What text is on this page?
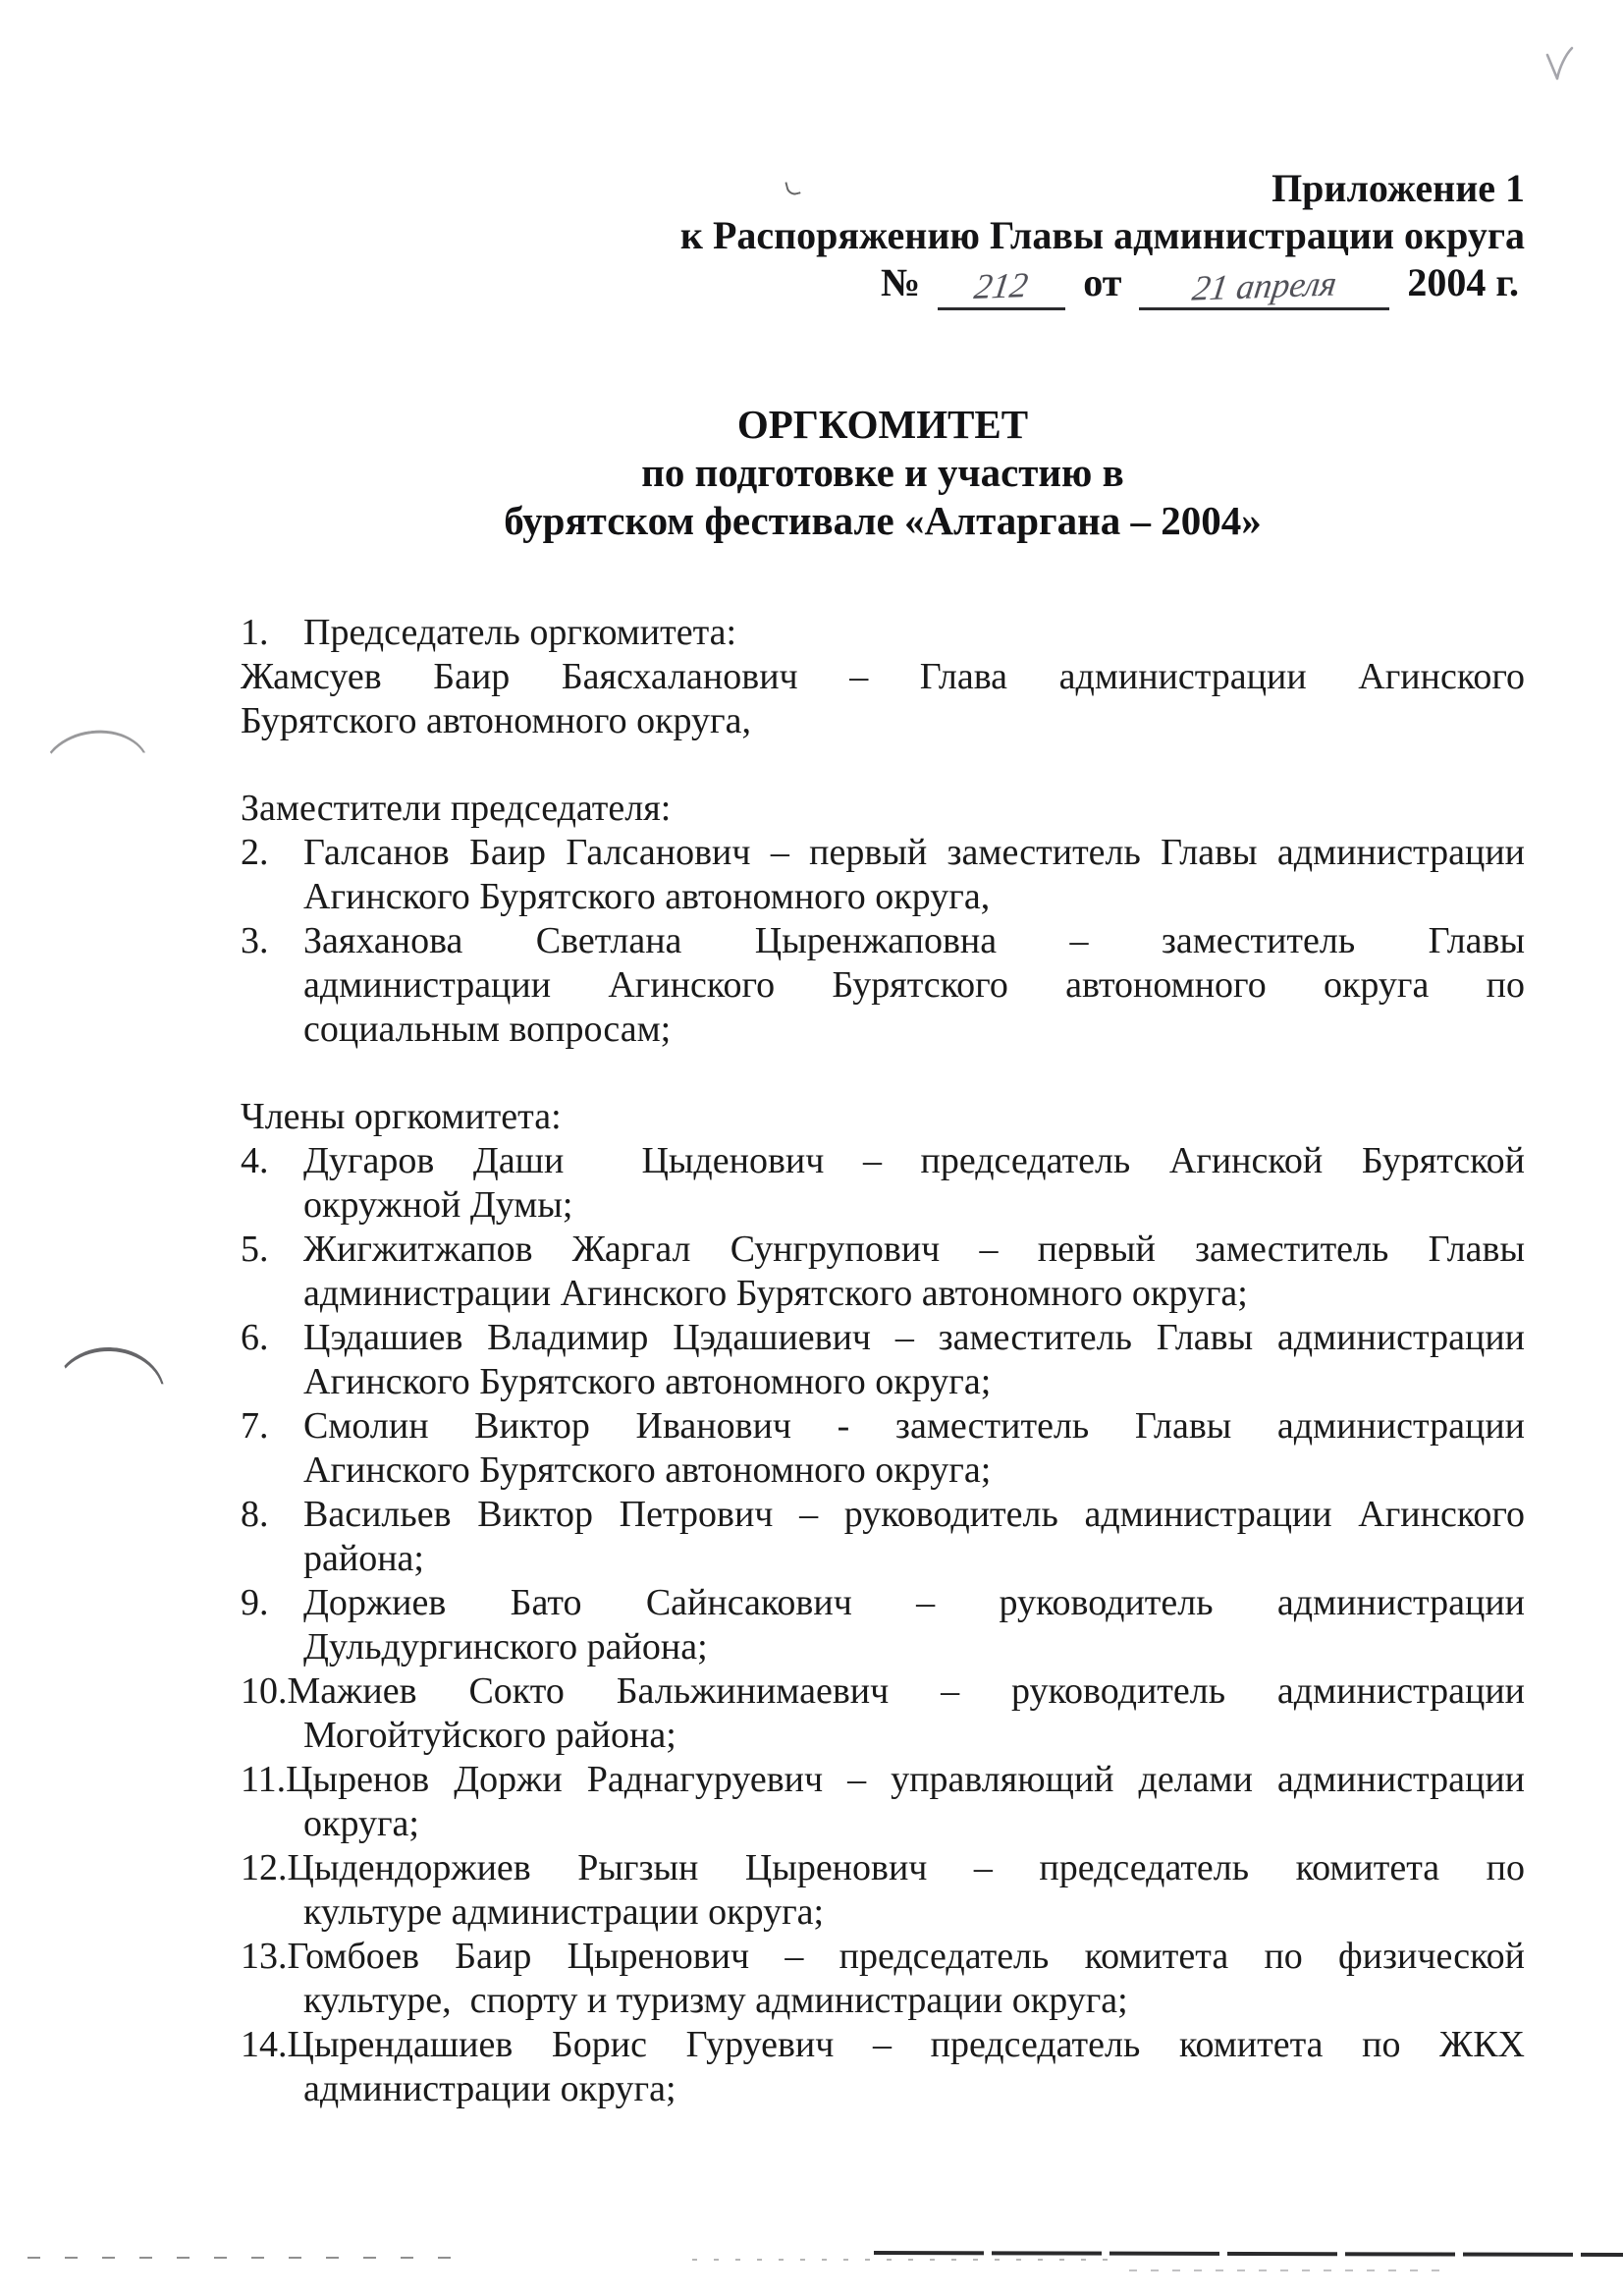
Приложение 1
к Распоряжению Главы администрации округа
№ 212 от 21 апреля 2004 г.
ОРГКОМИТЕТ
по подготовке и участию в
бурятском фестивале «Алтаргана – 2004»
1. Председатель оргкомитета:
Жамсуев Баир Баясхаланович – Глава администрации Агинского
Бурятского автономного округа,
Заместители председателя:
2. Галсанов Баир Галсанович – первый заместитель Главы администрации
Агинского Бурятского автономного округа,
3. Заяханова Светлана Цыренжаповна – заместитель Главы
администрации Агинского Бурятского автономного округа по
социальным вопросам;
Члены оргкомитета:
4. Дугаров Даши  Цыденович – председатель Агинской Бурятской
окружной Думы;
5. Жигжитжапов Жаргал Сунгрупович – первый заместитель Главы
администрации Агинского Бурятского автономного округа;
6. Цэдашиев Владимир Цэдашиевич – заместитель Главы администрации
Агинского Бурятского автономного округа;
7. Смолин Виктор Иванович - заместитель Главы администрации
Агинского Бурятского автономного округа;
8. Васильев Виктор Петрович – руководитель администрации Агинского
района;
9. Доржиев Бато Сайнсакович – руководитель администрации
Дульдургинского района;
10.Мажиев Сокто Бальжинимаевич – руководитель администрации
Могойтуйского района;
11.Цыренов Доржи Раднагуруевич – управляющий делами администрации
округа;
12.Цыдендоржиев Рыгзын Цыренович – председатель комитета по
культуре администрации округа;
13.Гомбоев Баир Цыренович – председатель комитета по физической
культуре,  спорту и туризму администрации округа;
14.Цырендашиев Борис Гуруевич – председатель комитета по ЖКХ
администрации округа;
